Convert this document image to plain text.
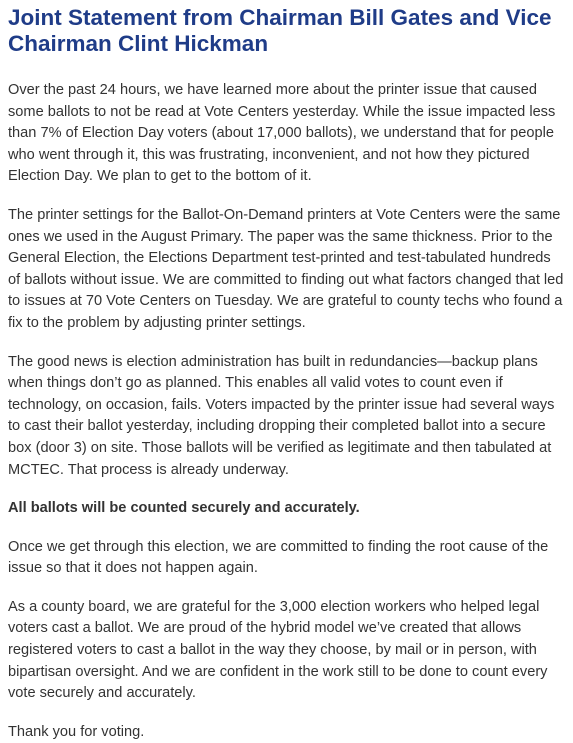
Joint Statement from Chairman Bill Gates and Vice Chairman Clint Hickman

Over the past 24 hours, we have learned more about the printer issue that caused some ballots to not be read at Vote Centers yesterday. While the issue impacted less than 7% of Election Day voters (about 17,000 ballots), we understand that for people who went through it, this was frustrating, inconvenient, and not how they pictured Election Day. We plan to get to the bottom of it.

The printer settings for the Ballot-On-Demand printers at Vote Centers were the same ones we used in the August Primary. The paper was the same thickness. Prior to the General Election, the Elections Department test-printed and test-tabulated hundreds of ballots without issue. We are committed to finding out what factors changed that led to issues at 70 Vote Centers on Tuesday. We are grateful to county techs who found a fix to the problem by adjusting printer settings.

The good news is election administration has built in redundancies—backup plans when things don’t go as planned. This enables all valid votes to count even if technology, on occasion, fails. Voters impacted by the printer issue had several ways to cast their ballot yesterday, including dropping their completed ballot into a secure box (door 3) on site. Those ballots will be verified as legitimate and then tabulated at MCTEC. That process is already underway.

All ballots will be counted securely and accurately.

Once we get through this election, we are committed to finding the root cause of the issue so that it does not happen again.

As a county board, we are grateful for the 3,000 election workers who helped legal voters cast a ballot. We are proud of the hybrid model we’ve created that allows registered voters to cast a ballot in the way they choose, by mail or in person, with bipartisan oversight. And we are confident in the work still to be done to count every vote securely and accurately.

Thank you for voting.
